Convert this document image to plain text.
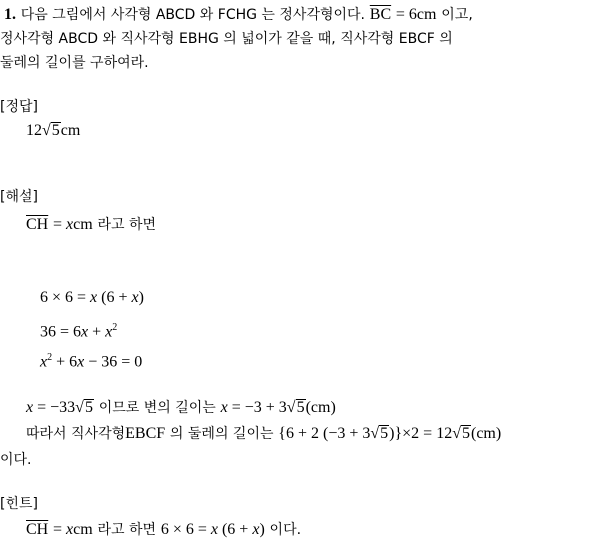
1. 다음 그림에서 사각형 ABCD 와 FCHG 는 정사각형이다. $\overline{BC} = 6cm$ 이고,
정사각형 ABCD 와 직사각형 EBHG 의 넓이가 같을 때, 직사각형 EBCF 의
둘레의 길이를 구하여라.
[정답]
12√5cm
[해설]
$\overline{CH}$ = xcm 라고 하면
6 × 6 = x (6 + x)
$36 = 6x + x^2$
$x^2 + 6x - 36 = 0$
x = −33√5 이므로 변의 길이는 x = −3 + 3√5(cm)
따라서 직사각형EBCF 의 둘레의 길이는 {6 + 2 (−3 + 3√5)}×2 = 12√5(cm)
이다.
[힌트]
$\overline{CH}$ = xcm 라고 하면 6 × 6 = x (6 + x) 이다.
